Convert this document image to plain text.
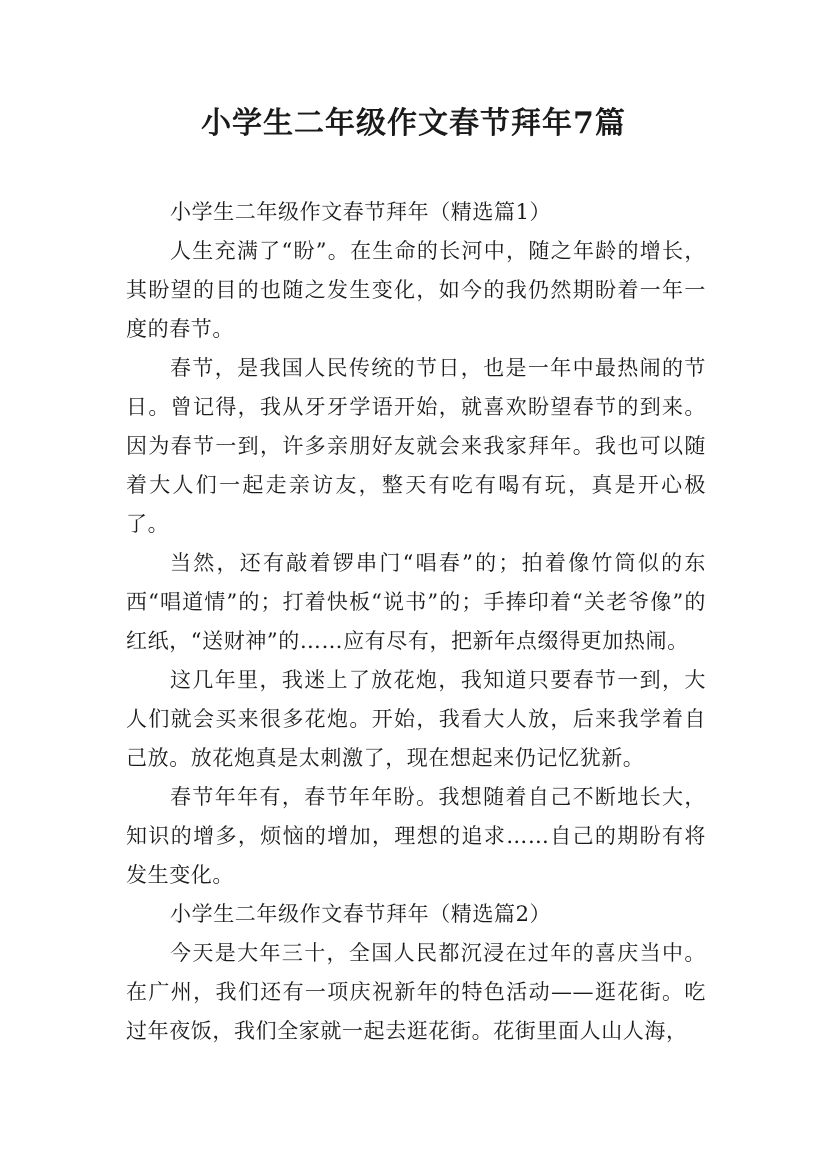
小学生二年级作文春节拜年7篇

小学生二年级作文春节拜年（精选篇1）

人生充满了“盼”。在生命的长河中，随之年龄的增长，其盼望的目的也随之发生变化，如今的我仍然期盼着一年一度的春节。

春节，是我国人民传统的节日，也是一年中最热闹的节日。曾记得，我从牙牙学语开始，就喜欢盼望春节的到来。因为春节一到，许多亲朋好友就会来我家拜年。我也可以随着大人们一起走亲访友，整天有吃有喝有玩，真是开心极了。

当然，还有敲着锣串门“唱春”的；拍着像竹筒似的东西“唱道情”的；打着快板“说书”的；手捧印着“关老爷像”的红纸，“送财神”的……应有尽有，把新年点缀得更加热闹。

这几年里，我迷上了放花炮，我知道只要春节一到，大人们就会买来很多花炮。开始，我看大人放，后来我学着自己放。放花炮真是太刺激了，现在想起来仍记忆犹新。

春节年年有，春节年年盼。我想随着自己不断地长大，知识的增多，烦恼的增加，理想的追求……自己的期盼有将发生变化。

小学生二年级作文春节拜年（精选篇2）

今天是大年三十，全国人民都沉浸在过年的喜庆当中。在广州，我们还有一项庆祝新年的特色活动——逛花街。吃过年夜饭，我们全家就一起去逛花街。花街里面人山人海，
